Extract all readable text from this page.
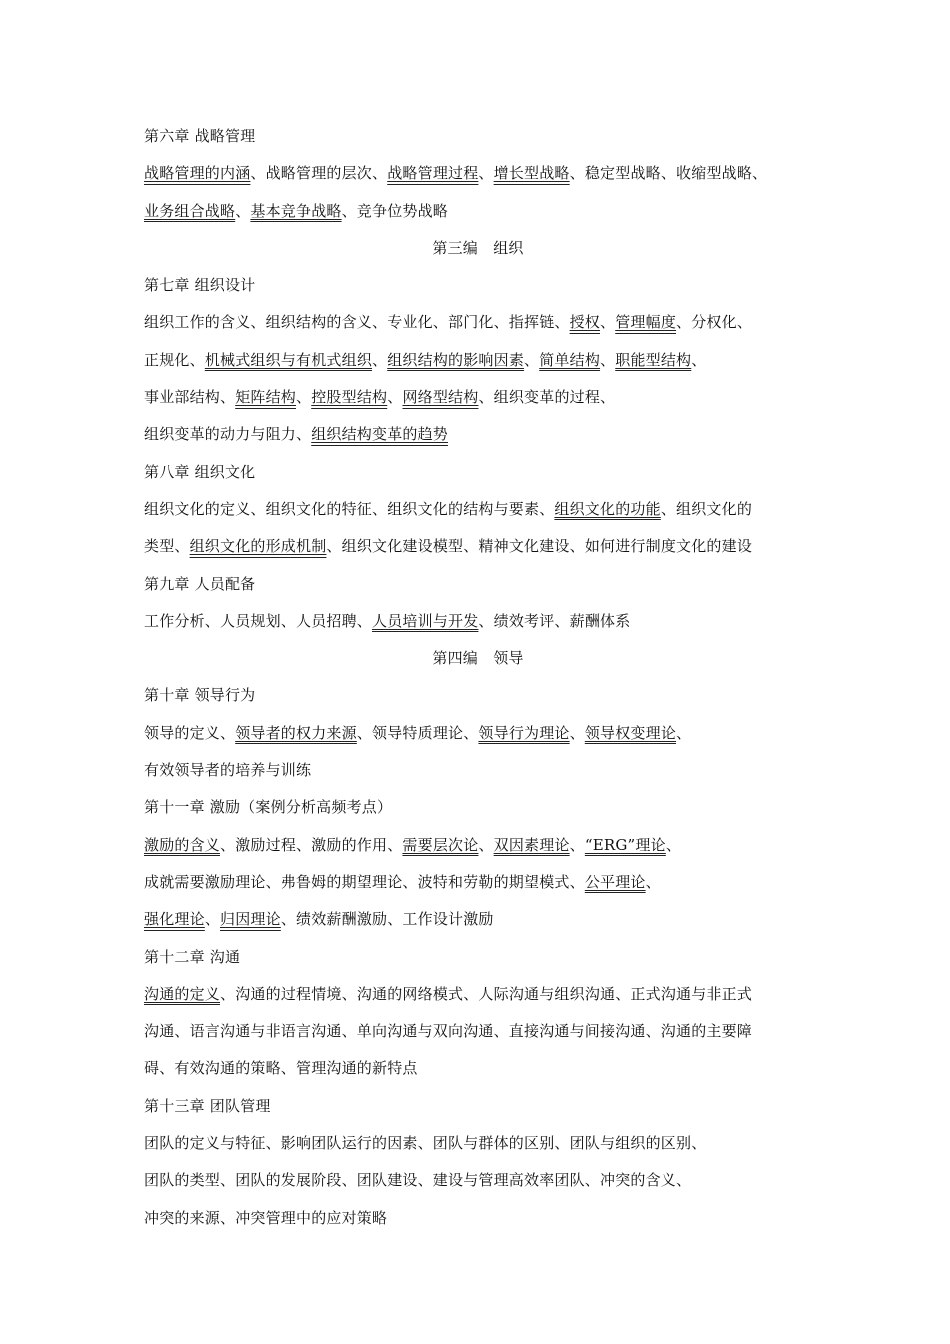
第六章 战略管理
战略管理的内涵、战略管理的层次、战略管理过程、增长型战略、稳定型战略、收缩型战略、
业务组合战略、基本竞争战略、竞争位势战略
第三编　组织
第七章 组织设计
组织工作的含义、组织结构的含义、专业化、部门化、指挥链、授权、管理幅度、分权化、
正规化、机械式组织与有机式组织、组织结构的影响因素、简单结构、职能型结构、
事业部结构、矩阵结构、控股型结构、网络型结构、组织变革的过程、
组织变革的动力与阻力、组织结构变革的趋势
第八章 组织文化
组织文化的定义、组织文化的特征、组织文化的结构与要素、组织文化的功能、组织文化的
类型、组织文化的形成机制、组织文化建设模型、精神文化建设、如何进行制度文化的建设
第九章 人员配备
工作分析、人员规划、人员招聘、人员培训与开发、绩效考评、薪酬体系
第四编　领导
第十章 领导行为
领导的定义、领导者的权力来源、领导特质理论、领导行为理论、领导权变理论、
有效领导者的培养与训练
第十一章 激励（案例分析高频考点）
激励的含义、激励过程、激励的作用、需要层次论、双因素理论、“ERG”理论、
成就需要激励理论、弗鲁姆的期望理论、波特和劳勒的期望模式、公平理论、
强化理论、归因理论、绩效薪酬激励、工作设计激励
第十二章 沟通
沟通的定义、沟通的过程情境、沟通的网络模式、人际沟通与组织沟通、正式沟通与非正式
沟通、语言沟通与非语言沟通、单向沟通与双向沟通、直接沟通与间接沟通、沟通的主要障
碍、有效沟通的策略、管理沟通的新特点
第十三章 团队管理
团队的定义与特征、影响团队运行的因素、团队与群体的区别、团队与组织的区别、
团队的类型、团队的发展阶段、团队建设、建设与管理高效率团队、冲突的含义、
冲突的来源、冲突管理中的应对策略
